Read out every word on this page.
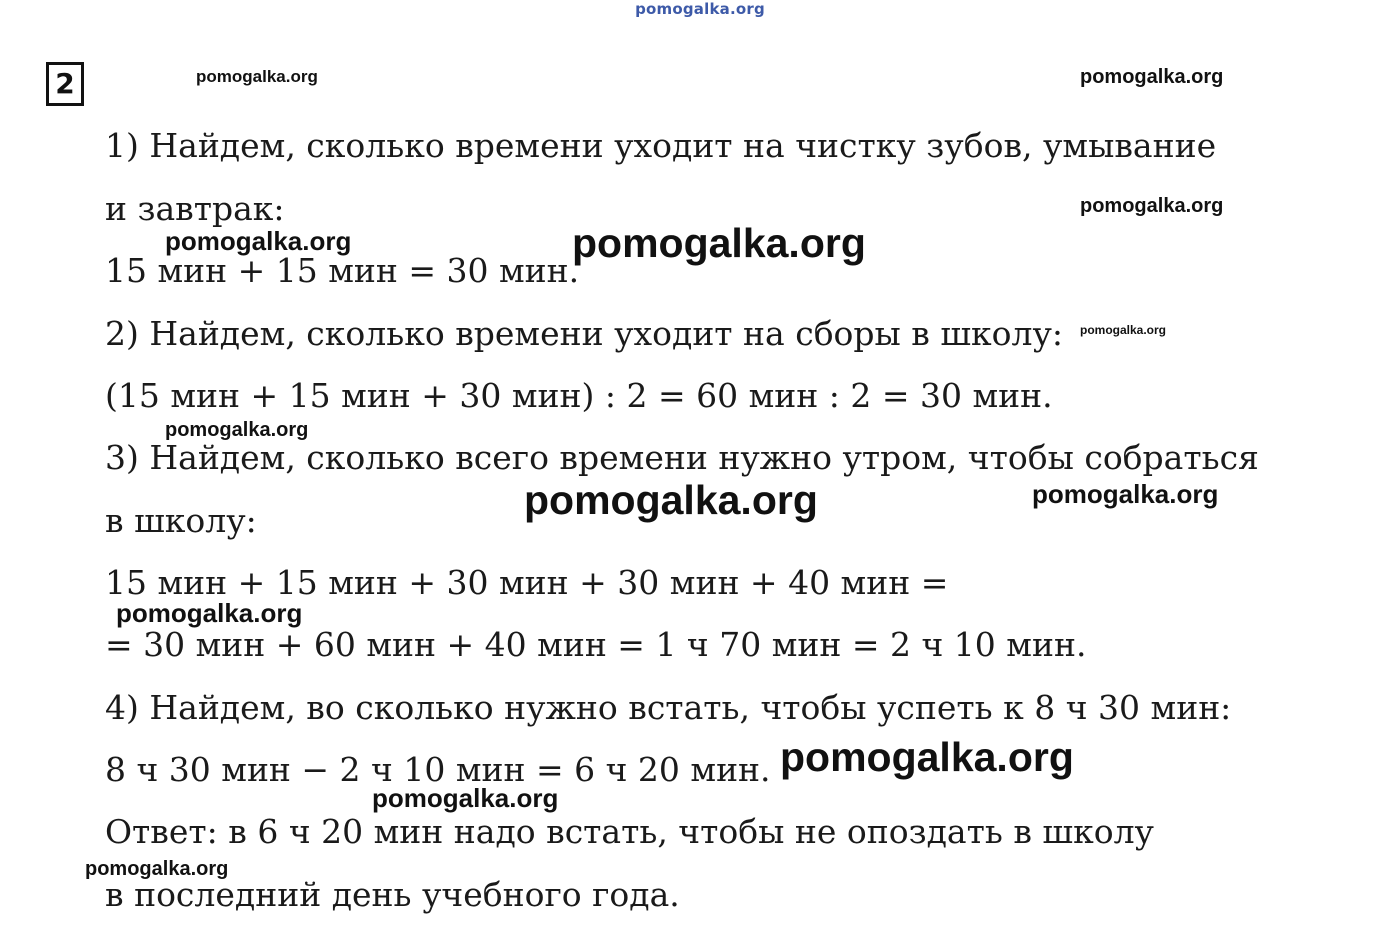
pomogalka.org
2
1) Найдем, сколько времени уходит на чистку зубов, умывание
и завтрак:
15 мин + 15 мин = 30 мин.
2) Найдем, сколько времени уходит на сборы в школу:
(15 мин + 15 мин + 30 мин) : 2 = 60 мин : 2 = 30 мин.
3) Найдем, сколько всего времени нужно утром, чтобы собраться
в школу:
15 мин + 15 мин + 30 мин + 30 мин + 40 мин =
= 30 мин + 60 мин + 40 мин = 1 ч 70 мин = 2 ч 10 мин.
4) Найдем, во сколько нужно встать, чтобы успеть к 8 ч 30 мин:
8 ч 30 мин − 2 ч 10 мин = 6 ч 20 мин.
Ответ: в 6 ч 20 мин надо встать, чтобы не опоздать в школу
в последний день учебного года.
pomogalka.org	pomogalka.org
pomogalka.org
pomogalka.org	pomogalka.org
pomogalka.org
pomogalka.org
pomogalka.org	pomogalka.org
pomogalka.org
pomogalka.org
pomogalka.org
pomogalka.org
